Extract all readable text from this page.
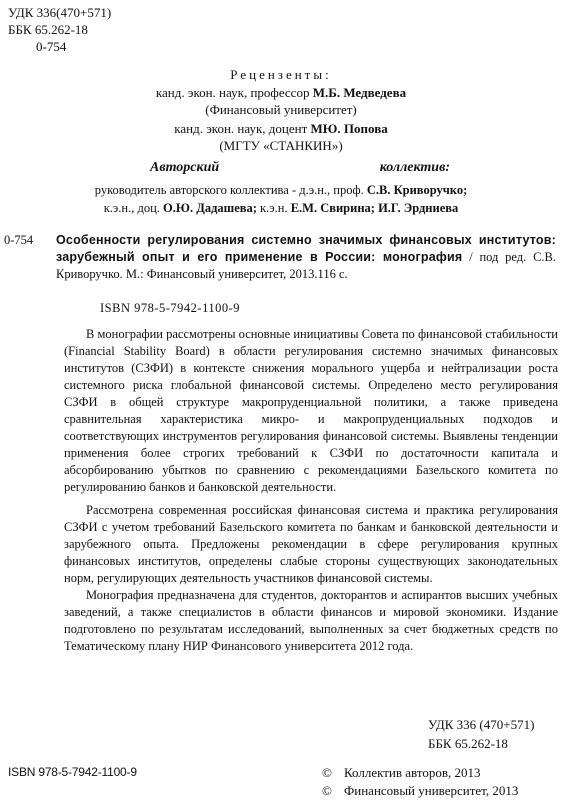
УДК 336(470+571)
ББК 65.262-18
0-754
Рецензенты:
канд. экон. наук, профессор М.Б. Медведева
(Финансовый университет)
канд. экон. наук, доцент МЮ. Попова
(МГТУ «СТАНКИН»)
Авторский	коллектив:
руководитель авторского коллектива - д.э.н., проф. С.В. Криворучко;
к.э.н., доц. О.Ю. Дадашева; к.э.н. Е.М. Свирина; И.Г. Эрдниева
0-754 Особенности регулирования системно значимых финансовых институтов: зарубежный опыт и его применение в России: монография / под ред. С.В. Криворучко. М.: Финансовый университет, 2013.116 с.
ISBN 978-5-7942-1100-9

В монографии рассмотрены основные инициативы Совета по финансовой стабильности (Financial Stability Board) в области регулирования системно значимых финансовых институтов (СЗФИ) в контексте снижения морального ущерба и нейтрализации роста системного риска глобальной финансовой системы. Определено место регулирования СЗФИ в общей структуре макропруденциальной политики, а также приведена сравнительная характеристика микро- и макропруденциальных подходов и соответствующих инструментов регулирования финансовой системы. Выявлены тенденции применения более строгих требований к СЗФИ по достаточности капитала и абсорбированию убытков по сравнению с рекомендациями Базельского комитета по регулированию банков и банковской деятельности.

Рассмотрена современная российская финансовая система и практика регулирования СЗФИ с учетом требований Базельского комитета по банкам и банковской деятельности и зарубежного опыта. Предложены рекомендации в сфере регулирования крупных финансовых институтов, определены слабые стороны существующих законодательных норм, регулирующих деятельность участников финансовой системы.

Монография предназначена для студентов, докторантов и аспирантов высших учебных заведений, а также специалистов в области финансов и мировой экономики. Издание подготовлено по результатам исследований, выполненных за счет бюджетных средств по Тематическому плану НИР Финансового университета 2012 года.

УДК 336 (470+571)
ББК 65.262-18
ISBN 978-5-7942-1100-9	© Коллектив авторов, 2013
© Финансовый университет, 2013
